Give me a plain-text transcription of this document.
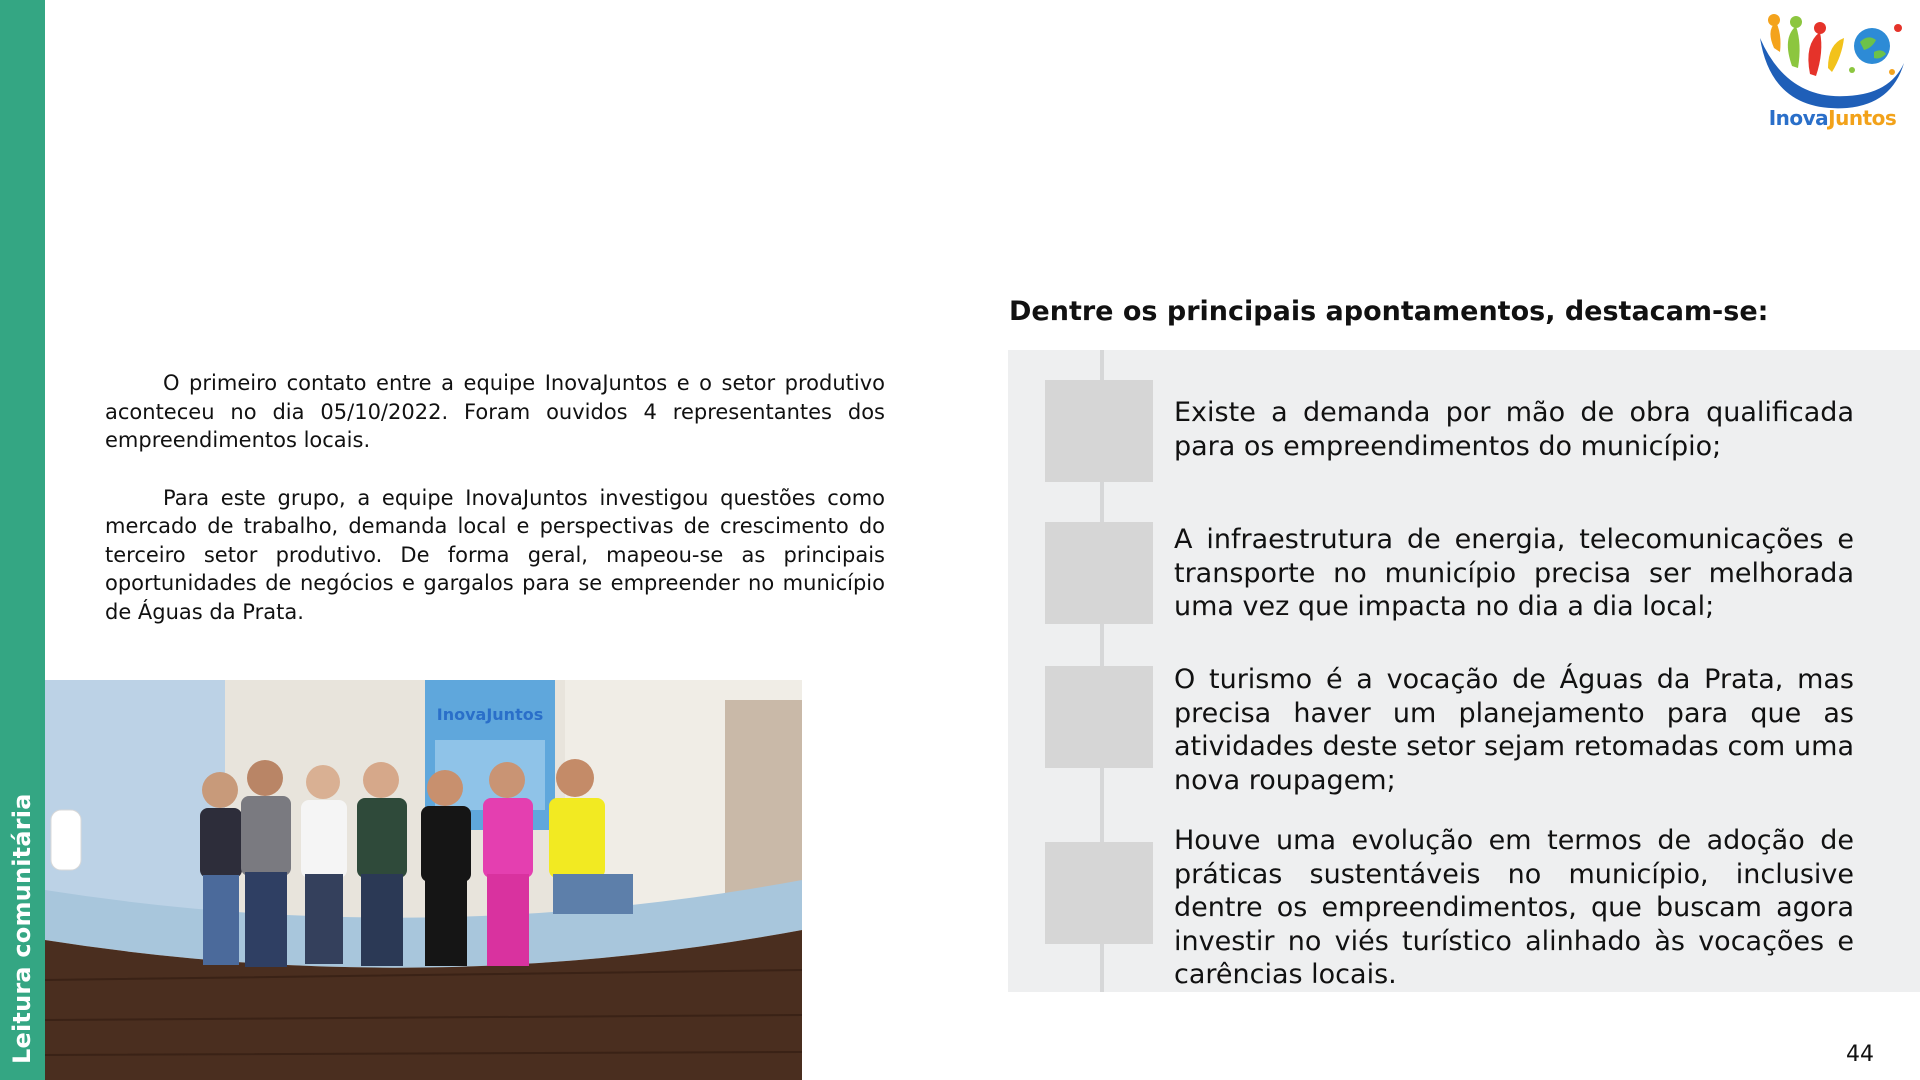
Leitura comunitária
InovaJuntos

O primeiro contato entre a equipe InovaJuntos e o setor produtivo aconteceu no dia 05/10/2022. Foram ouvidos 4 representantes dos empreendimentos locais.

Para este grupo, a equipe InovaJuntos investigou questões como mercado de trabalho, demanda local e perspectivas de crescimento do terceiro setor produtivo. De forma geral, mapeou-se as principais oportunidades de negócios e gargalos para se empreender no município de Águas da Prata.

InovaJuntos
Dentre os principais apontamentos, destacam-se:
Existe a demanda por mão de obra qualificada para os empreendimentos do município;
A infraestrutura de energia, telecomunicações e transporte no município precisa ser melhorada uma vez que impacta no dia a dia local;
O turismo é a vocação de Águas da Prata, mas precisa haver um planejamento para que as atividades deste setor sejam retomadas com uma nova roupagem;
Houve uma evolução em termos de adoção de práticas sustentáveis no município, inclusive dentre os empreendimentos, que buscam agora investir no viés turístico alinhado às vocações e carências locais.
44
